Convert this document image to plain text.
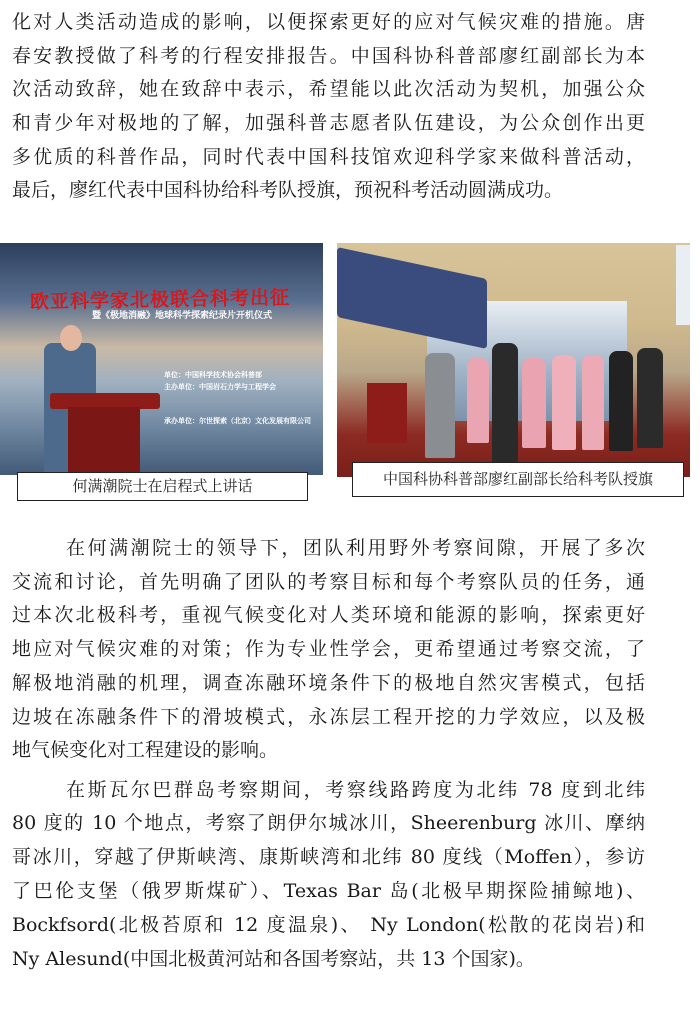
化对人类活动造成的影响，以便探索更好的应对气候灾难的措施。唐
春安教授做了科考的行程安排报告。中国科协科普部廖红副部长为本
次活动致辞，她在致辞中表示，希望能以此次活动为契机，加强公众
和青少年对极地的了解，加强科普志愿者队伍建设，为公众创作出更
多优质的科普作品，同时代表中国科技馆欢迎科学家来做科普活动，
最后，廖红代表中国科协给科考队授旗，预祝科考活动圆满成功。
欧亚科学家北极联合科考出征
暨《极地消融》地球科学探索纪录片开机仪式
单位：中国科学技术协会科普部
主办单位：中国岩石力学与工程学会
承办单位：尔世探索（北京）文化发展有限公司
何满潮院士在启程式上讲话	中国科协科普部廖红副部长给科考队授旗
在何满潮院士的领导下，团队利用野外考察间隙，开展了多次
交流和讨论，首先明确了团队的考察目标和每个考察队员的任务，通
过本次北极科考，重视气候变化对人类环境和能源的影响，探索更好
地应对气候灾难的对策；作为专业性学会，更希望通过考察交流，了
解极地消融的机理，调查冻融环境条件下的极地自然灾害模式，包括
边坡在冻融条件下的滑坡模式，永冻层工程开挖的力学效应，以及极
地气候变化对工程建设的影响。
在斯瓦尔巴群岛考察期间，考察线路跨度为北纬 78 度到北纬
80 度的 10 个地点，考察了朗伊尔城冰川，Sheerenburg 冰川、摩纳
哥冰川，穿越了伊斯峡湾、康斯峡湾和北纬 80 度线（Moffen），参访
了巴伦支堡（俄罗斯煤矿）、Texas Bar 岛(北极早期探险捕鲸地)、
Bockfsord(北极苔原和 12 度温泉)、 Ny London(松散的花岗岩)和
Ny Alesund(中国北极黄河站和各国考察站，共 13 个国家)。
